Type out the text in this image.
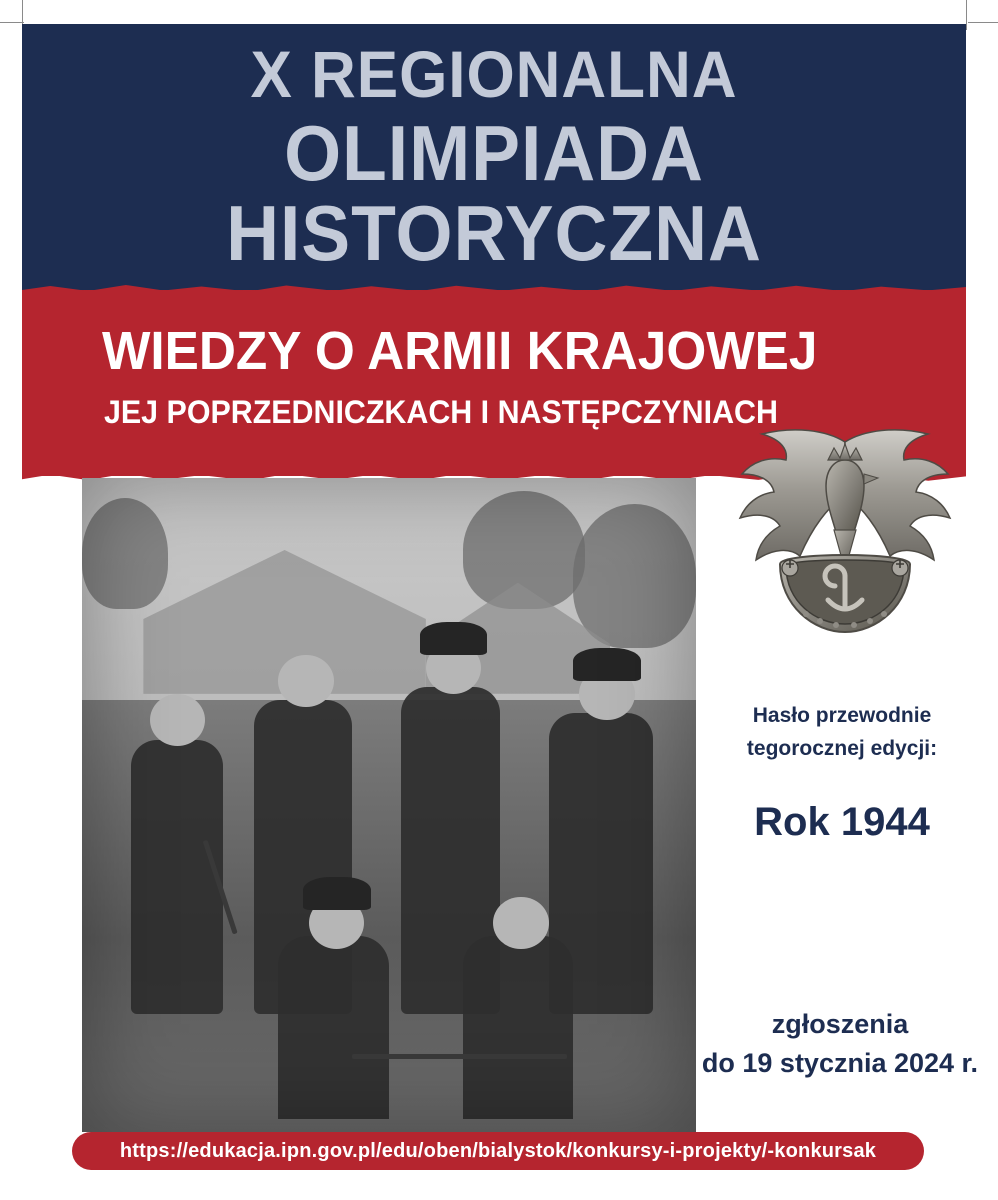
X REGIONALNA
OLIMPIADA HISTORYCZNA
WIEDZY O ARMII KRAJOWEJ
JEJ POPRZEDNICZKACH I NASTĘPCZYNIACH
Hasło przewodnie
tegorocznej edycji:
Rok 1944
zgłoszenia
do 19 stycznia 2024 r.
https://edukacja.ipn.gov.pl/edu/oben/bialystok/konkursy-i-projekty/-konkursak
